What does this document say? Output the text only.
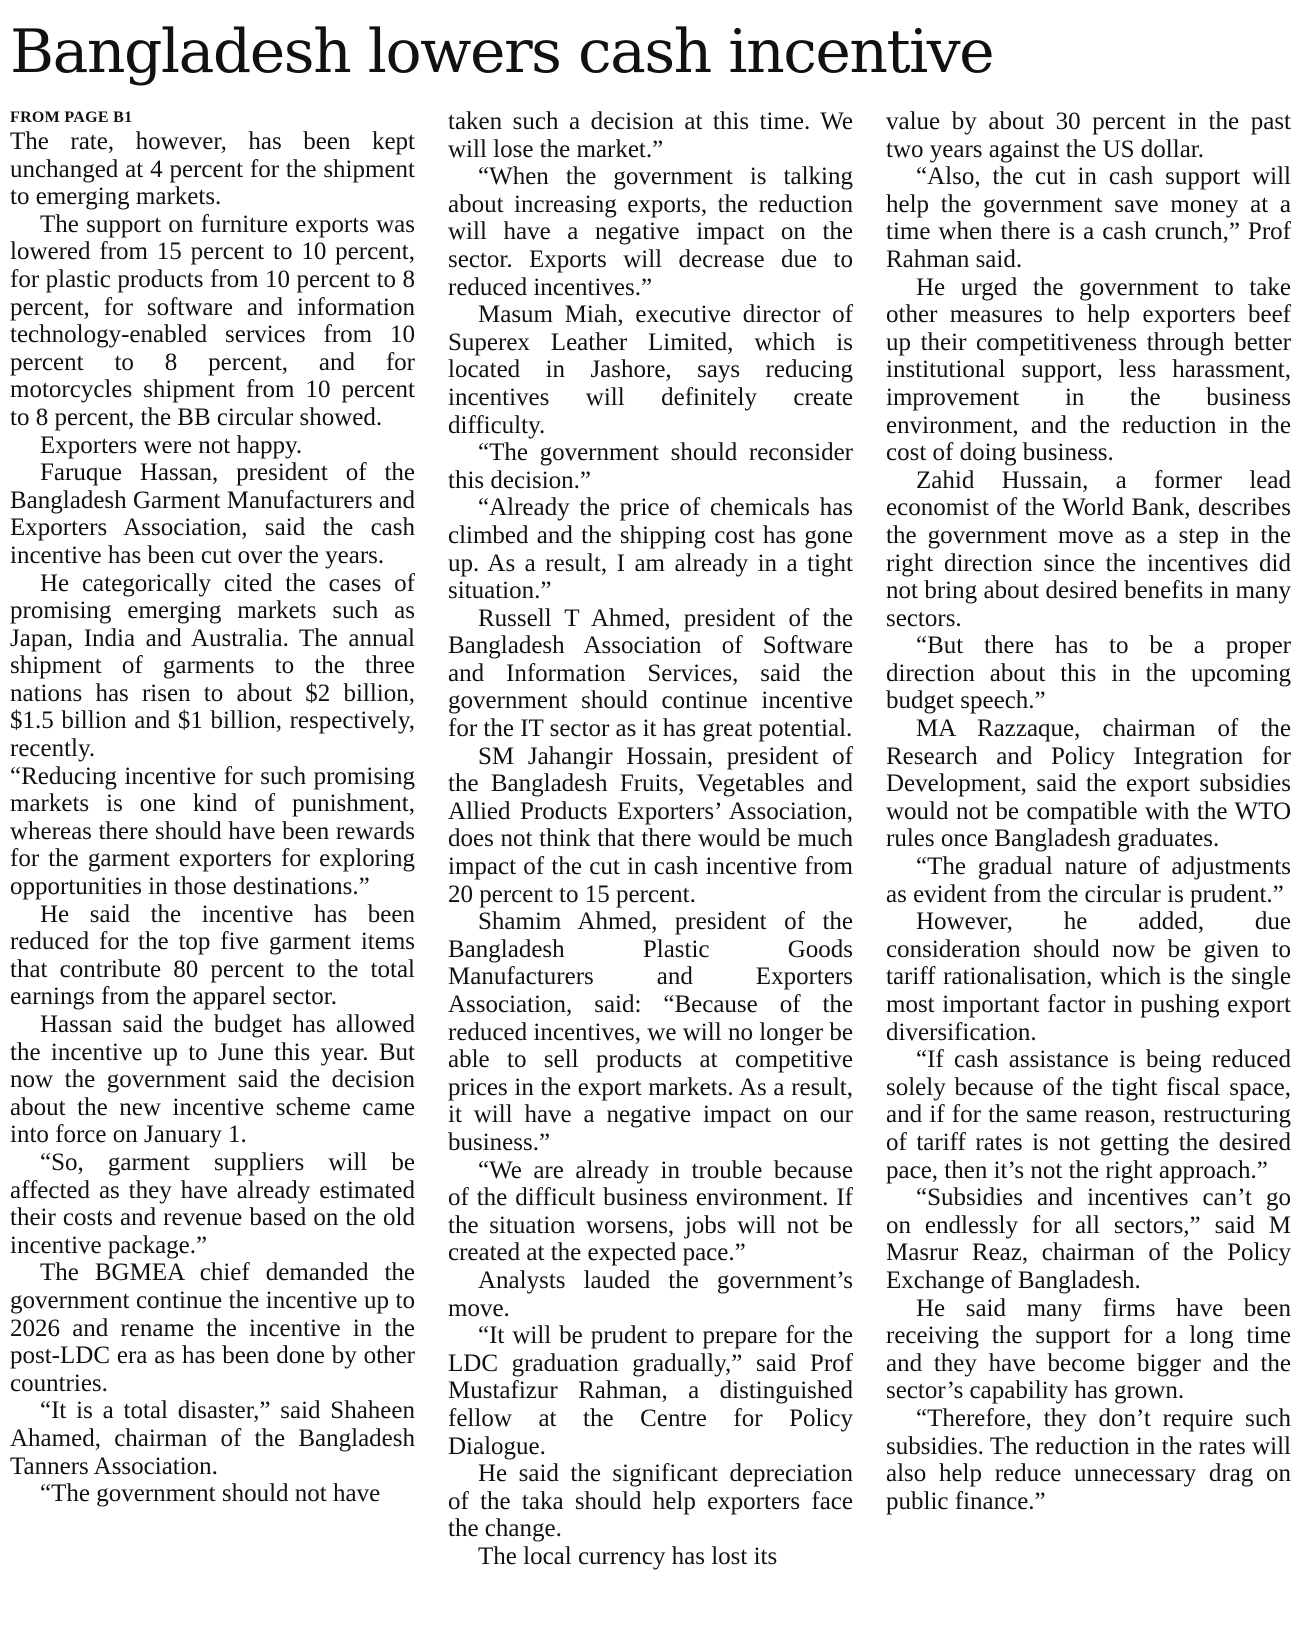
Bangladesh lowers cash incentive
FROM PAGE B1

The rate, however, has been kept unchanged at 4 percent for the shipment to emerging markets.

The support on furniture exports was lowered from 15 percent to 10 percent, for plastic products from 10 percent to 8 percent, for software and information technology-enabled services from 10 percent to 8 percent, and for motorcycles shipment from 10 percent to 8 percent, the BB circular showed.

Exporters were not happy.

Faruque Hassan, president of the Bangladesh Garment Manufacturers and Exporters Association, said the cash incentive has been cut over the years.

He categorically cited the cases of promising emerging markets such as Japan, India and Australia. The annual shipment of garments to the three nations has risen to about $2 billion, $1.5 billion and $1 billion, respectively, recently.

“Reducing incentive for such promising markets is one kind of punishment, whereas there should have been rewards for the garment exporters for exploring opportunities in those destinations.”

He said the incentive has been reduced for the top five garment items that contribute 80 percent to the total earnings from the apparel sector.

Hassan said the budget has allowed the incentive up to June this year. But now the government said the decision about the new incentive scheme came into force on January 1.

“So, garment suppliers will be affected as they have already estimated their costs and revenue based on the old incentive package.”

The BGMEA chief demanded the government continue the incentive up to 2026 and rename the incentive in the post-LDC era as has been done by other countries.

“It is a total disaster,” said Shaheen Ahamed, chairman of the Bangladesh Tanners Association.

“The government should not have

taken such a decision at this time. We will lose the market.”

“When the government is talking about increasing exports, the reduction will have a negative impact on the sector. Exports will decrease due to reduced incentives.”

Masum Miah, executive director of Superex Leather Limited, which is located in Jashore, says reducing incentives will definitely create difficulty.

“The government should reconsider this decision.”

“Already the price of chemicals has climbed and the shipping cost has gone up. As a result, I am already in a tight situation.”

Russell T Ahmed, president of the Bangladesh Association of Software and Information Services, said the government should continue incentive for the IT sector as it has great potential.

SM Jahangir Hossain, president of the Bangladesh Fruits, Vegetables and Allied Products Exporters’ Association, does not think that there would be much impact of the cut in cash incentive from 20 percent to 15 percent.

Shamim Ahmed, president of the Bangladesh Plastic Goods Manufacturers and Exporters Association, said: “Because of the reduced incentives, we will no longer be able to sell products at competitive prices in the export markets. As a result, it will have a negative impact on our business.”

“We are already in trouble because of the difficult business environment. If the situation worsens, jobs will not be created at the expected pace.”

Analysts lauded the government’s move.

“It will be prudent to prepare for the LDC graduation gradually,” said Prof Mustafizur Rahman, a distinguished fellow at the Centre for Policy Dialogue.

He said the significant depreciation of the taka should help exporters face the change.

The local currency has lost its

value by about 30 percent in the past two years against the US dollar.

“Also, the cut in cash support will help the government save money at a time when there is a cash crunch,” Prof Rahman said.

He urged the government to take other measures to help exporters beef up their competitiveness through better institutional support, less harassment, improvement in the business environment, and the reduction in the cost of doing business.

Zahid Hussain, a former lead economist of the World Bank, describes the government move as a step in the right direction since the incentives did not bring about desired benefits in many sectors.

“But there has to be a proper direction about this in the upcoming budget speech.”

MA Razzaque, chairman of the Research and Policy Integration for Development, said the export subsidies would not be compatible with the WTO rules once Bangladesh graduates.

“The gradual nature of adjustments as evident from the circular is prudent.”

However, he added, due consideration should now be given to tariff rationalisation, which is the single most important factor in pushing export diversification.

“If cash assistance is being reduced solely because of the tight fiscal space, and if for the same reason, restructuring of tariff rates is not getting the desired pace, then it’s not the right approach.”

“Subsidies and incentives can’t go on endlessly for all sectors,” said M Masrur Reaz, chairman of the Policy Exchange of Bangladesh.

He said many firms have been receiving the support for a long time and they have become bigger and the sector’s capability has grown.

“Therefore, they don’t require such subsidies. The reduction in the rates will also help reduce unnecessary drag on public finance.”
